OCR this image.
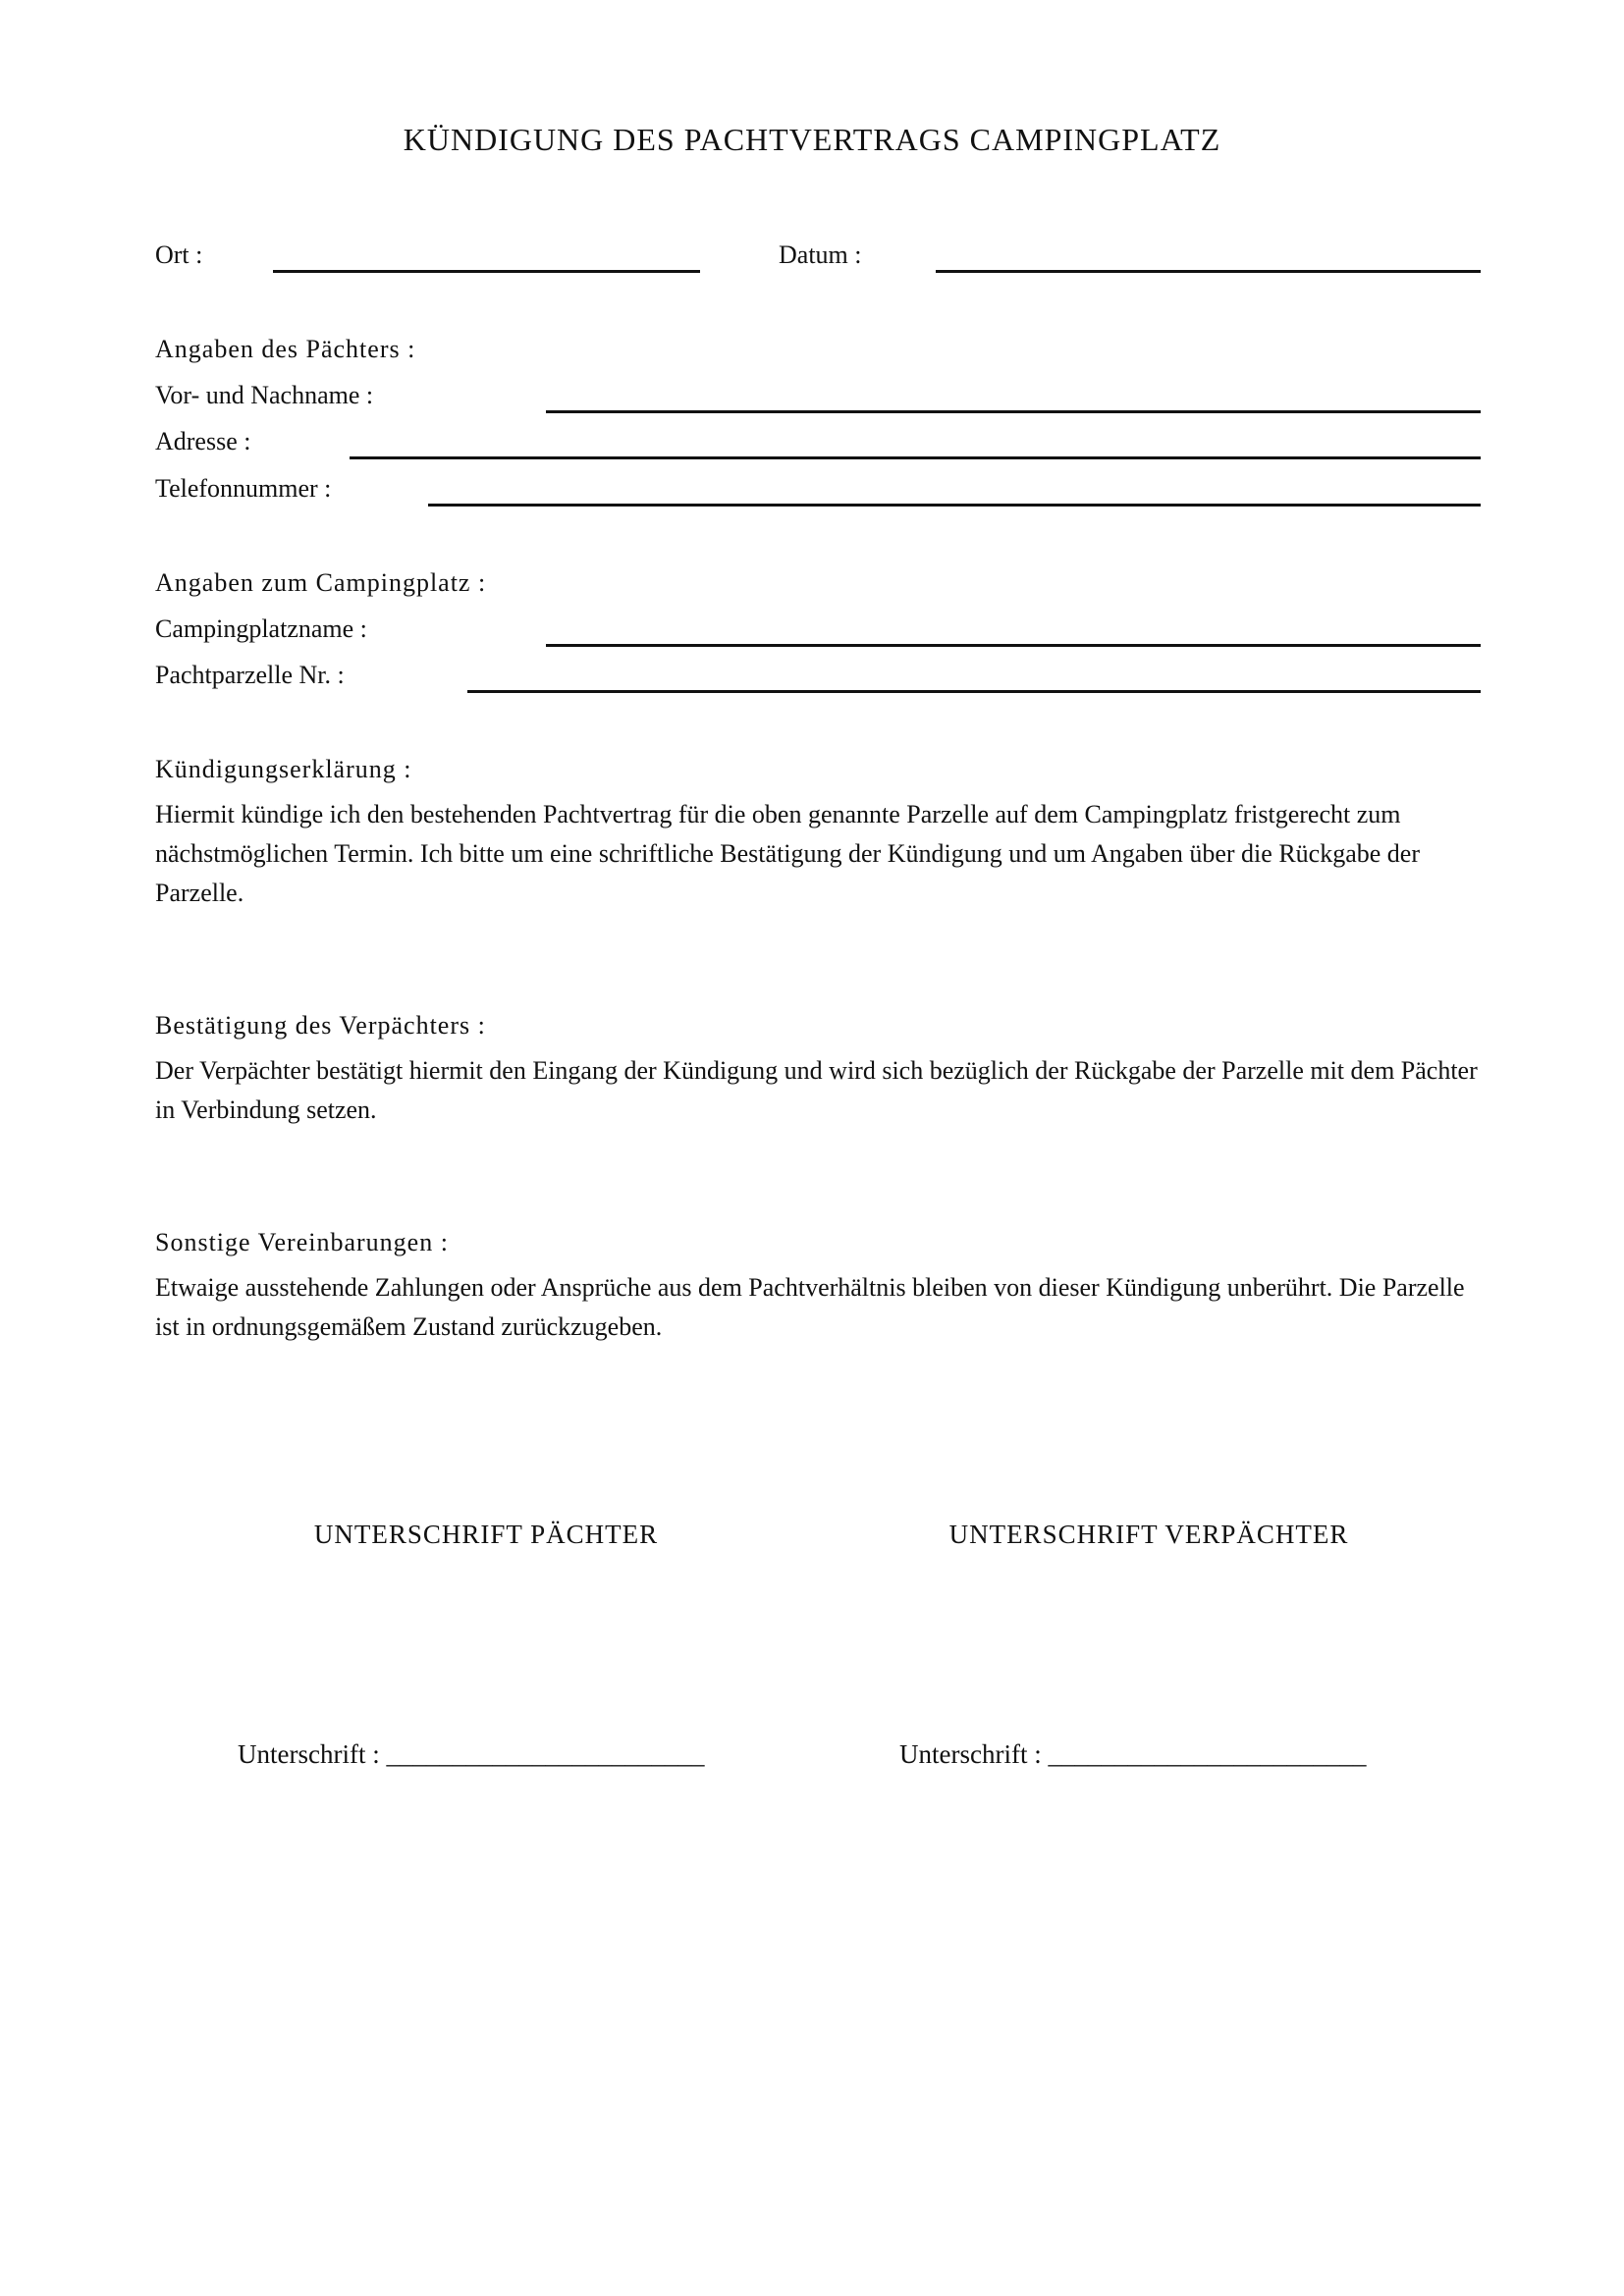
KÜNDIGUNG DES PACHTVERTRAGS CAMPINGPLATZ
Ort :	Datum :
Angaben des Pächters :
Vor- und Nachname :
Adresse :
Telefonnummer :
Angaben zum Campingplatz :
Campingplatzname :
Pachtparzelle Nr. :
Kündigungserklärung :
Hiermit kündige ich den bestehenden Pachtvertrag für die oben genannte Parzelle auf dem Campingplatz fristgerecht zum nächstmöglichen Termin. Ich bitte um eine schriftliche Bestätigung der Kündigung und um Angaben über die Rückgabe der Parzelle.
Bestätigung des Verpächters :
Der Verpächter bestätigt hiermit den Eingang der Kündigung und wird sich bezüglich der Rückgabe der Parzelle mit dem Pächter in Verbindung setzen.
Sonstige Vereinbarungen :
Etwaige ausstehende Zahlungen oder Ansprüche aus dem Pachtverhältnis bleiben von dieser Kündigung unberührt. Die Parzelle ist in ordnungsgemäßem Zustand zurückzugeben.
UNTERSCHRIFT PÄCHTER	UNTERSCHRIFT VERPÄCHTER
Unterschrift : ________________________	Unterschrift : ________________________
